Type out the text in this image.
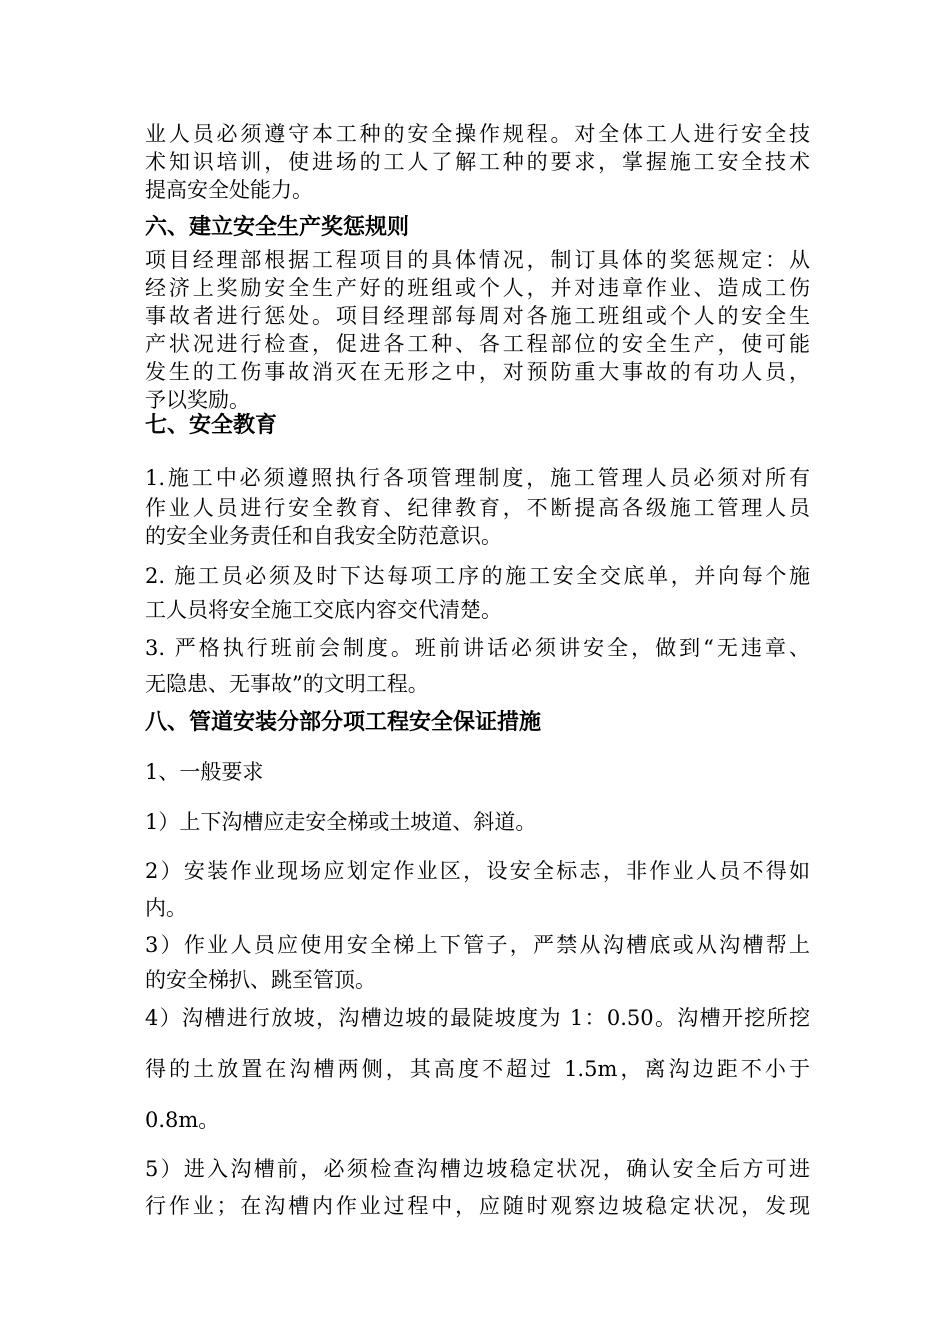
业人员必须遵守本工种的安全操作规程。对全体工人进行安全技
术知识培训，使进场的工人了解工种的要求，掌握施工安全技术
提高安全处能力。
六、建立安全生产奖惩规则
项目经理部根据工程项目的具体情况，制订具体的奖惩规定：从
经济上奖励安全生产好的班组或个人，并对违章作业、造成工伤
事故者进行惩处。项目经理部每周对各施工班组或个人的安全生
产状况进行检查，促进各工种、各工程部位的安全生产，使可能
发生的工伤事故消灭在无形之中，对预防重大事故的有功人员，
予以奖励。
七、安全教育
1.施工中必须遵照执行各项管理制度，施工管理人员必须对所有
作业人员进行安全教育、纪律教育，不断提高各级施工管理人员
的安全业务责任和自我安全防范意识。
2. 施工员必须及时下达每项工序的施工安全交底单，并向每个施
工人员将安全施工交底内容交代清楚。
3. 严格执行班前会制度。班前讲话必须讲安全，做到“无违章、
无隐患、无事故”的文明工程。
八、管道安装分部分项工程安全保证措施
1、一般要求
1）上下沟槽应走安全梯或土坡道、斜道。
2）安装作业现场应划定作业区，设安全标志，非作业人员不得如
内。
3）作业人员应使用安全梯上下管子，严禁从沟槽底或从沟槽帮上
的安全梯扒、跳至管顶。
4）沟槽进行放坡，沟槽边坡的最陡坡度为 1：0.50。沟槽开挖所挖
得的土放置在沟槽两侧，其高度不超过 1.5m，离沟边距不小于
0.8m。
5）进入沟槽前，必须检查沟槽边坡稳定状况，确认安全后方可进
行作业；在沟槽内作业过程中，应随时观察边坡稳定状况，发现
